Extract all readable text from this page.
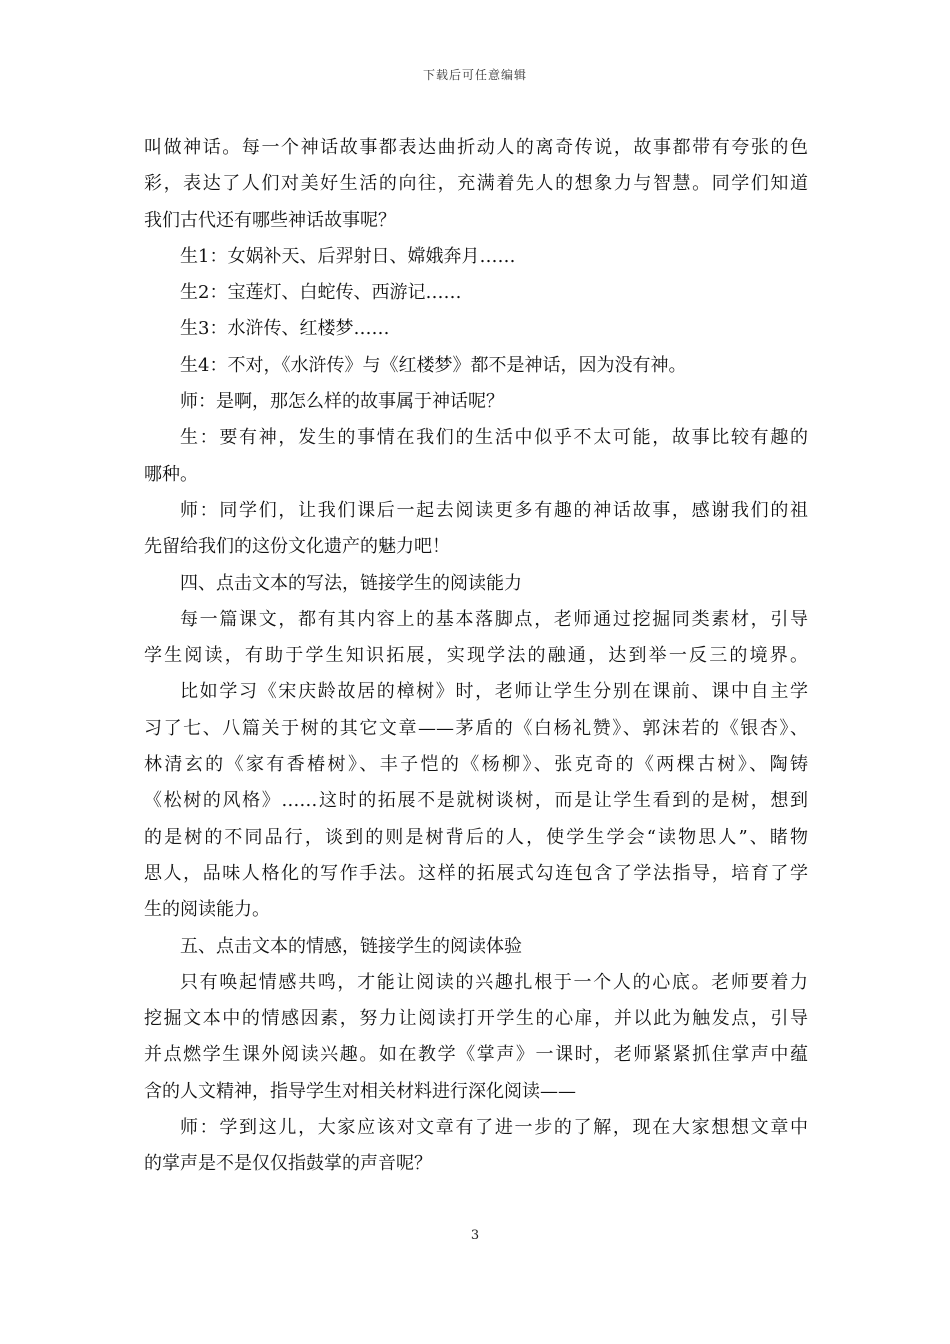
下载后可任意编辑
叫做神话。每一个神话故事都表达曲折动人的离奇传说，故事都带有夸张的色
彩，表达了人们对美好生活的向往，充满着先人的想象力与智慧。同学们知道
我们古代还有哪些神话故事呢？
生1：女娲补天、后羿射日、嫦娥奔月……
生2：宝莲灯、白蛇传、西游记……
生3：水浒传、红楼梦……
生4：不对，《水浒传》与《红楼梦》都不是神话，因为没有神。
师：是啊，那怎么样的故事属于神话呢？
生：要有神，发生的事情在我们的生活中似乎不太可能，故事比较有趣的
哪种。
师：同学们，让我们课后一起去阅读更多有趣的神话故事，感谢我们的祖
先留给我们的这份文化遗产的魅力吧！
四、点击文本的写法，链接学生的阅读能力
每一篇课文，都有其内容上的基本落脚点，老师通过挖掘同类素材，引导
学生阅读，有助于学生知识拓展，实现学法的融通，达到举一反三的境界。
比如学习《宋庆龄故居的樟树》时，老师让学生分别在课前、课中自主学
习了七、八篇关于树的其它文章——茅盾的《白杨礼赞》、郭沫若的《银杏》、
林清玄的《家有香椿树》、丰子恺的《杨柳》、张克奇的《两棵古树》、陶铸
《松树的风格》……这时的拓展不是就树谈树，而是让学生看到的是树，想到
的是树的不同品行，谈到的则是树背后的人，使学生学会“读物思人”、睹物
思人，品味人格化的写作手法。这样的拓展式勾连包含了学法指导，培育了学
生的阅读能力。
五、点击文本的情感，链接学生的阅读体验
只有唤起情感共鸣，才能让阅读的兴趣扎根于一个人的心底。老师要着力
挖掘文本中的情感因素，努力让阅读打开学生的心扉，并以此为触发点，引导
并点燃学生课外阅读兴趣。如在教学《掌声》一课时，老师紧紧抓住掌声中蕴
含的人文精神，指导学生对相关材料进行深化阅读——
师：学到这儿，大家应该对文章有了进一步的了解，现在大家想想文章中
的掌声是不是仅仅指鼓掌的声音呢？
3
